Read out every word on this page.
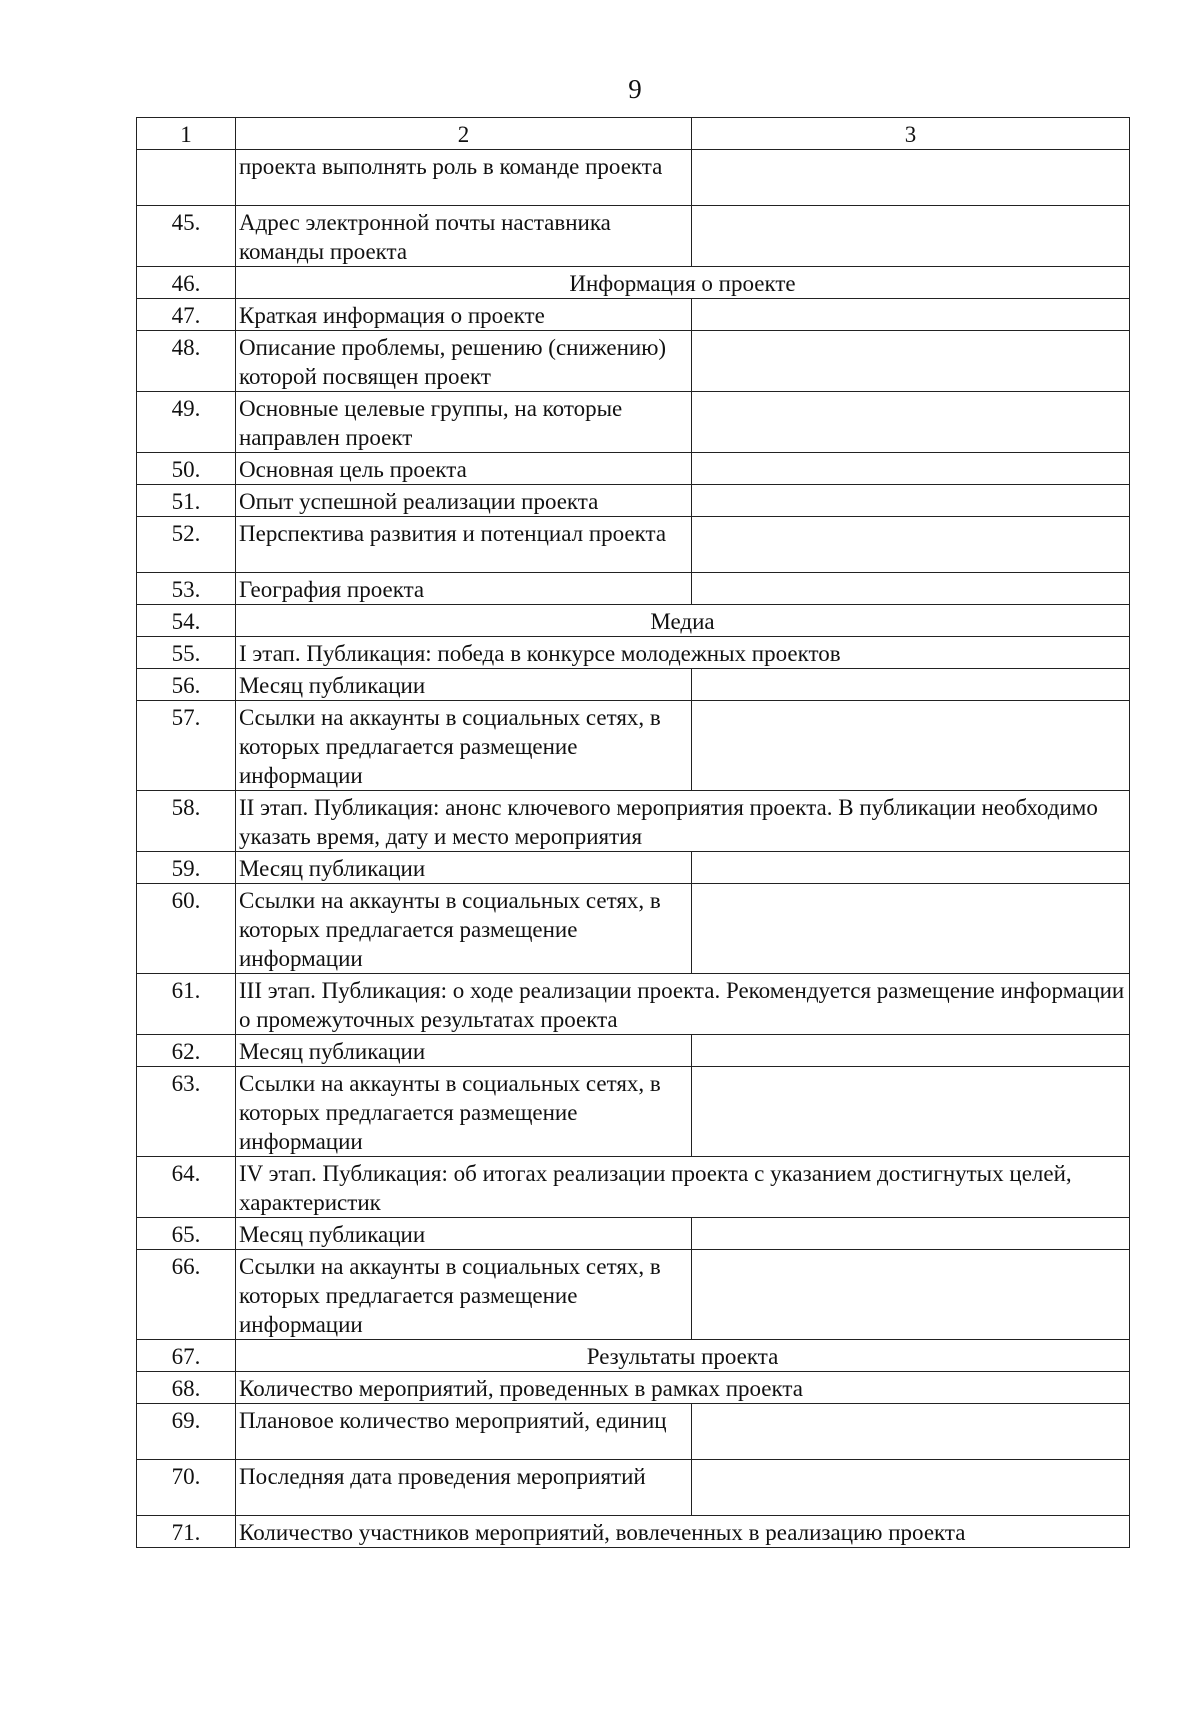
9
1	2	3
	проекта выполнять роль в команде проекта	
45.	Адрес электронной почты наставника команды проекта	
46.	Информация о проекте	
47.	Краткая информация о проекте	
48.	Описание проблемы, решению (снижению) которой посвящен проект	
49.	Основные целевые группы, на которые направлен проект	
50.	Основная цель проекта	
51.	Опыт успешной реализации проекта	
52.	Перспектива развития и потенциал проекта	
53.	География проекта	
54.	Медиа	
55.	I этап. Публикация: победа в конкурсе молодежных проектов	
56.	Месяц публикации	
57.	Ссылки на аккаунты в социальных сетях, в которых предлагается размещение информации	
58.	II этап. Публикация: анонс ключевого мероприятия проекта. В публикации необходимо указать время, дату и место мероприятия	
59.	Месяц публикации	
60.	Ссылки на аккаунты в социальных сетях, в которых предлагается размещение информации	
61.	III этап. Публикация: о ходе реализации проекта. Рекомендуется размещение информации о промежуточных результатах проекта	
62.	Месяц публикации	
63.	Ссылки на аккаунты в социальных сетях, в которых предлагается размещение информации	
64.	IV этап. Публикация: об итогах реализации проекта с указанием достигнутых целей, характеристик	
65.	Месяц публикации	
66.	Ссылки на аккаунты в социальных сетях, в которых предлагается размещение информации	
67.	Результаты проекта	
68.	Количество мероприятий, проведенных в рамках проекта	
69.	Плановое количество мероприятий, единиц	
70.	Последняя дата проведения мероприятий	
71.	Количество участников мероприятий, вовлеченных в реализацию проекта	
